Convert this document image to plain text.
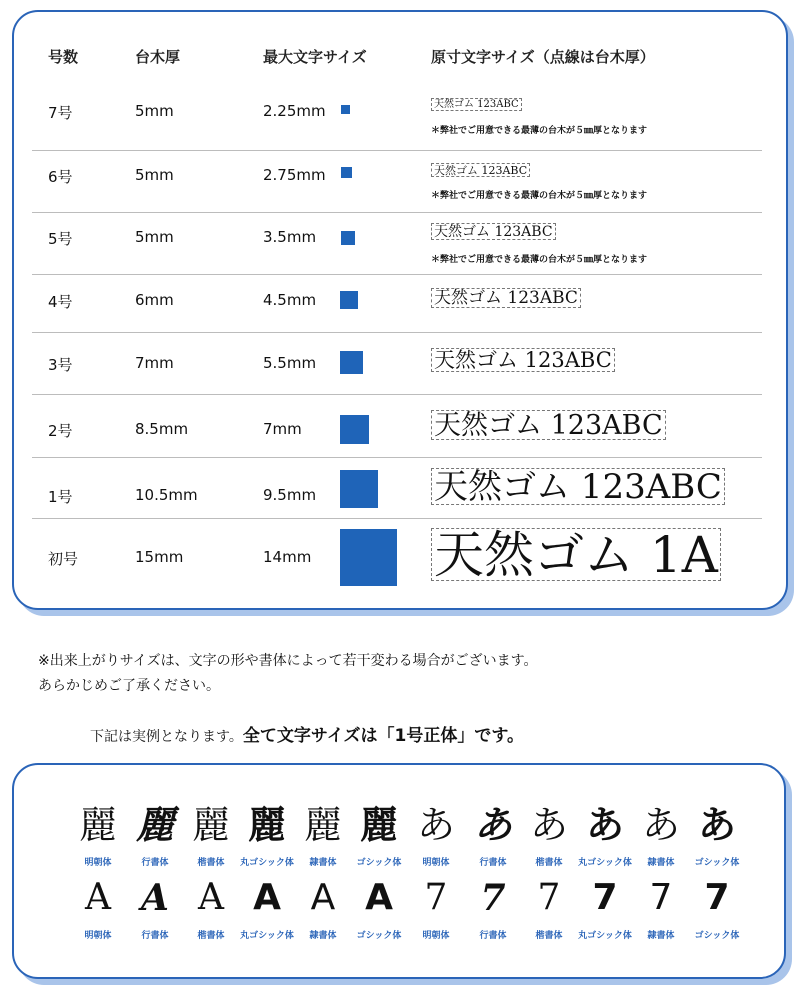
号数	台木厚	最大文字サイズ	原寸文字サイズ（点線は台木厚）
7号	5mm	2.25mm	天然ゴム 123ABC
＊弊社でご用意できる最薄の台木が５㎜厚となります
6号	5mm	2.75mm	天然ゴム 123ABC
＊弊社でご用意できる最薄の台木が５㎜厚となります
5号	5mm	3.5mm	天然ゴム 123ABC
＊弊社でご用意できる最薄の台木が５㎜厚となります
4号	6mm	4.5mm	天然ゴム 123ABC
3号	7mm	5.5mm	天然ゴム 123ABC
2号	8.5mm	7mm	天然ゴム 123ABC
1号	10.5mm	9.5mm	天然ゴム 123ABC
初号	15mm	14mm 天然ゴム 1A
※出来上がりサイズは、文字の形や書体によって若干変わる場合がございます。
あらかじめご了承ください。
下記は実例となります。全て文字サイズは「1号正体」です。
麗
明朝体
麗
行書体
麗
楷書体
麗
丸ゴシック体
麗
隷書体
麗
ゴシック体
あ
明朝体
あ
行書体
あ
楷書体
あ
丸ゴシック体
あ
隷書体
あ
ゴシック体
A
明朝体
A
行書体
A
楷書体
A
丸ゴシック体
A
隷書体
A
ゴシック体
7
明朝体
7
行書体
7
楷書体
7
丸ゴシック体
7
隷書体
7
ゴシック体
